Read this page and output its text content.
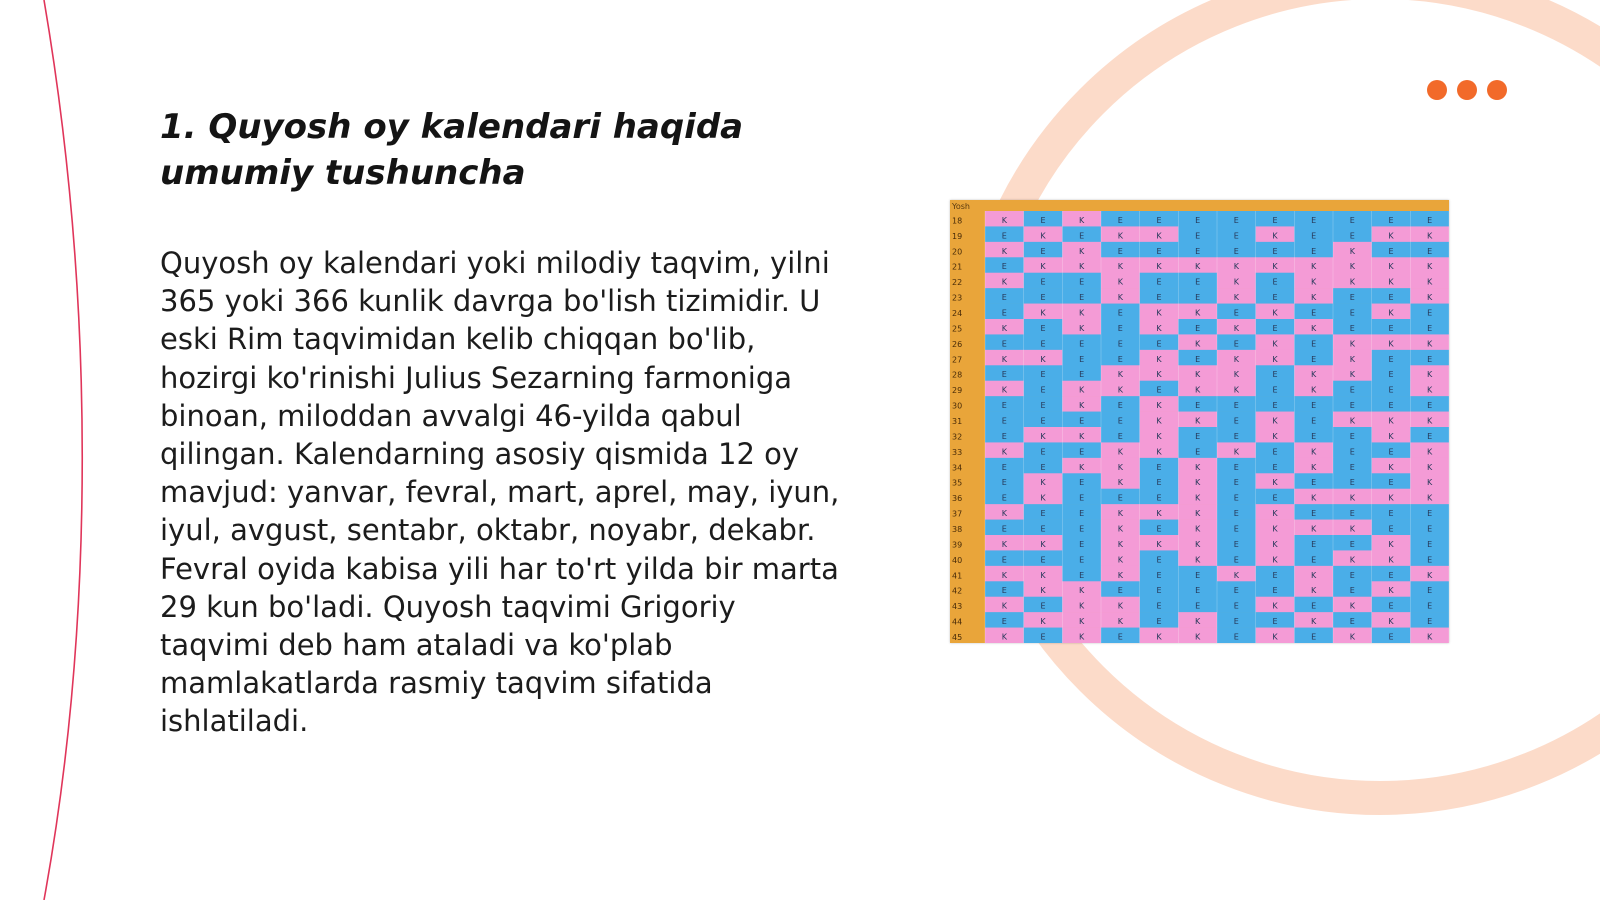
1. Quyosh oy kalendari haqida umumiy tushuncha

Quyosh oy kalendari yoki milodiy taqvim, yilni 365 yoki 366 kunlik davrga bo'lish tizimidir. U eski Rim taqvimidan kelib chiqqan bo'lib, hozirgi ko'rinishi Julius Sezarning farmoniga binoan, miloddan avvalgi 46-yilda qabul qilingan. Kalendarning asosiy qismida 12 oy mavjud: yanvar, fevral, mart, aprel, may, iyun, iyul, avgust, sentabr, oktabr, noyabr, dekabr. Fevral oyida kabisa yili har to'rt yilda bir marta 29 kun bo'ladi. Quyosh taqvimi Grigoriy taqvimi deb ham ataladi va ko'plab mamlakatlarda rasmiy taqvim sifatida ishlatiladi.

Yosh
18	K	E	K	E	E	E	E	E	E	E	E	E
19	E	K	E	K	K	E	E	K	E	E	K	K
20	K	E	K	E	E	E	E	E	E	K	E	E
21	E	K	K	K	K	K	K	K	K	K	K	K
22	K	E	E	K	E	E	K	E	K	K	K	K
23	E	E	E	K	E	E	K	E	K	E	E	K
24	E	K	K	E	K	K	E	K	E	E	K	E
25	K	E	K	E	K	E	K	E	K	E	E	E
26	E	E	E	E	E	K	E	K	E	K	K	K
27	K	K	E	E	K	E	K	K	E	K	E	E
28	E	E	E	K	K	K	K	E	K	K	E	K
29	K	E	K	K	E	K	K	E	K	E	E	K
30	E	E	K	E	K	E	E	E	E	E	E	E
31	E	E	E	E	K	K	E	K	E	K	K	K
32	E	K	K	E	K	E	E	K	E	E	K	E
33	K	E	E	K	K	E	K	E	K	E	E	K
34	E	E	K	K	E	K	E	E	K	E	K	K
35	E	K	E	K	E	K	E	K	E	E	E	K
36	E	K	E	E	E	K	E	E	K	K	K	K
37	K	E	E	K	K	K	E	K	E	E	E	E
38	E	E	E	K	E	K	E	K	K	K	E	E
39	K	K	E	K	K	K	E	K	E	E	K	E
40	E	E	E	K	E	K	E	K	E	K	K	E
41	K	K	E	K	E	E	K	E	K	E	E	K
42	E	K	K	E	E	E	E	E	K	E	K	E
43	K	E	K	K	E	E	E	K	E	K	E	E
44	E	K	K	K	E	K	E	E	K	E	K	E
45	K	E	K	E	K	K	E	K	E	K	E	K
